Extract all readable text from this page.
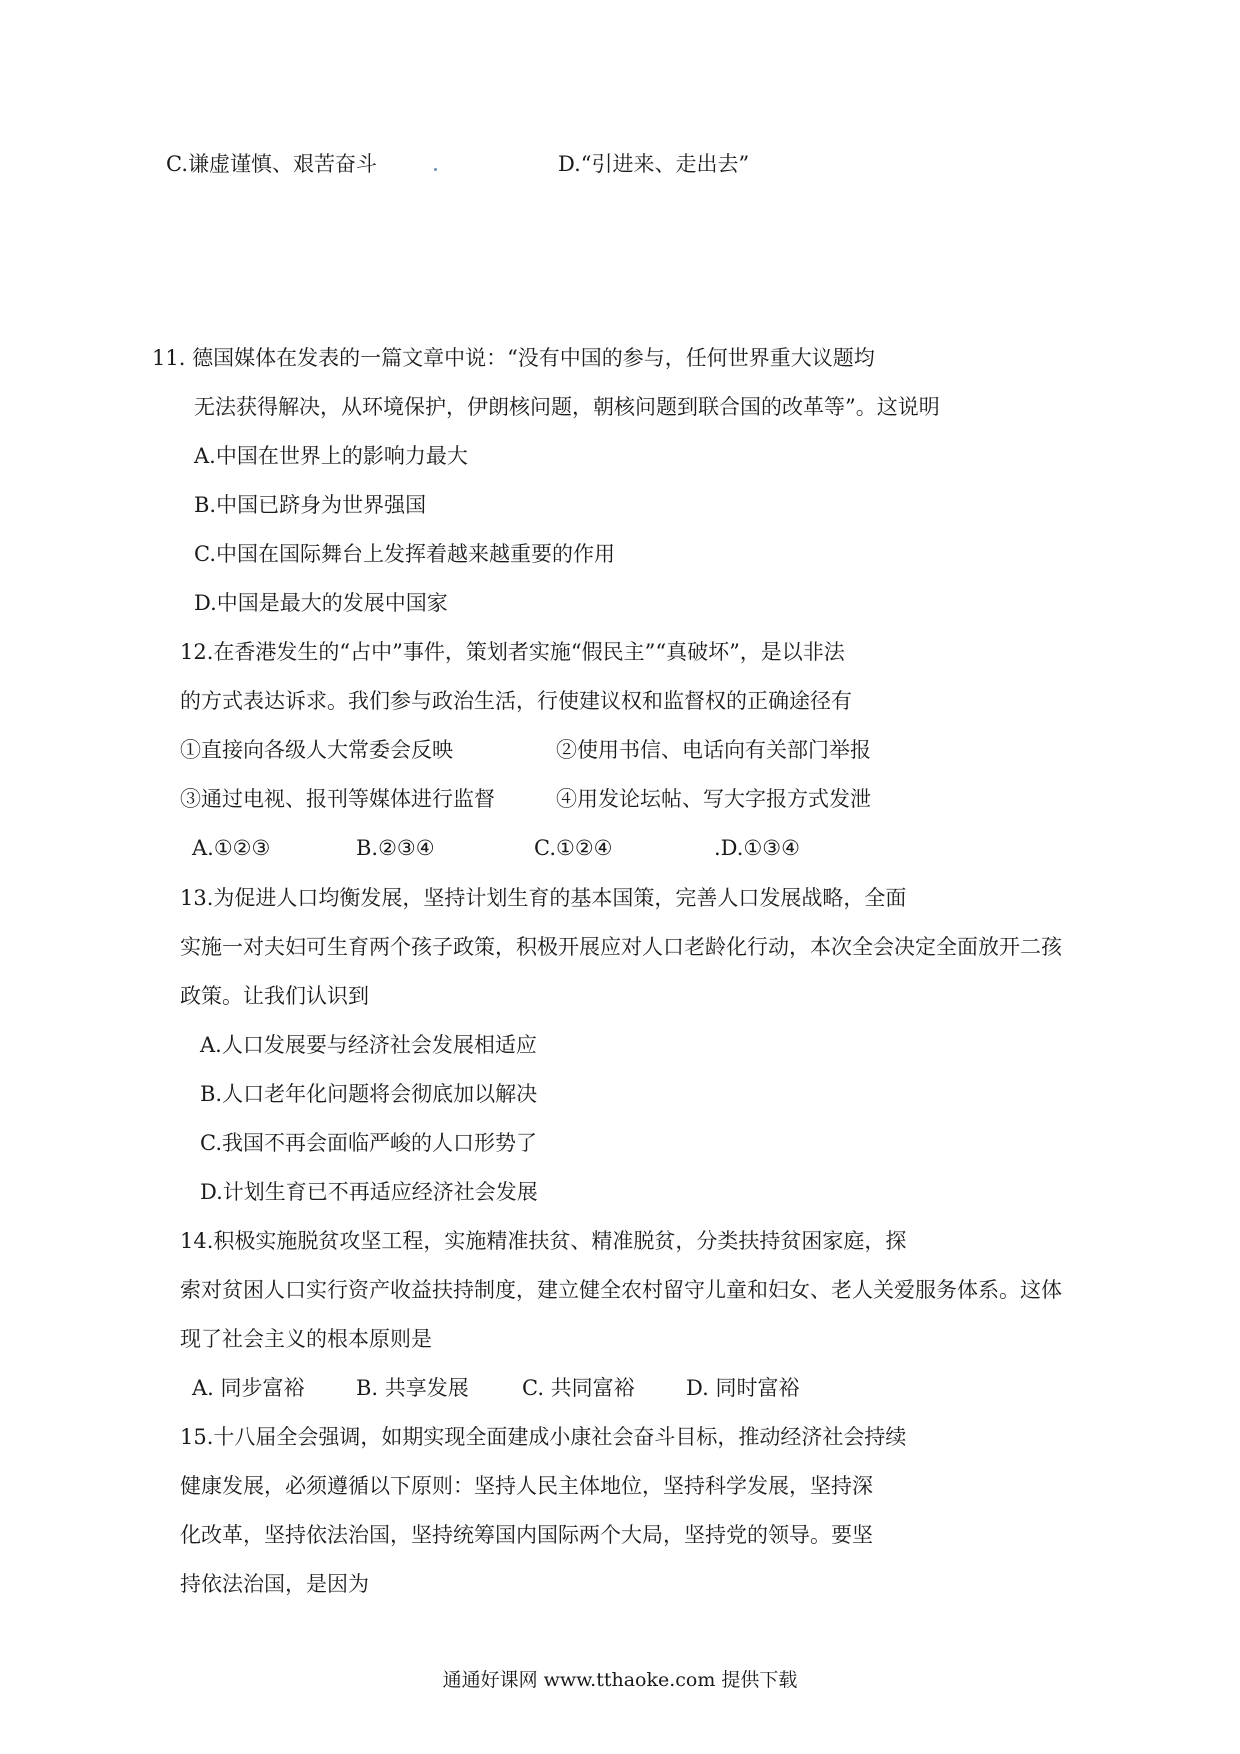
C.谦虚谨慎、艰苦奋斗	D.“引进来、走出去”
11. 德国媒体在发表的一篇文章中说：“没有中国的参与，任何世界重大议题均
无法获得解决，从环境保护，伊朗核问题，朝核问题到联合国的改革等”。这说明
A.中国在世界上的影响力最大
B.中国已跻身为世界强国
C.中国在国际舞台上发挥着越来越重要的作用
D.中国是最大的发展中国家
12.在香港发生的“占中”事件，策划者实施“假民主”“真破坏”，是以非法
的方式表达诉求。我们参与政治生活，行使建议权和监督权的正确途径有
①直接向各级人大常委会反映	②使用书信、电话向有关部门举报
③通过电视、报刊等媒体进行监督	④用发论坛帖、写大字报方式发泄
A.①②③	B.②③④	C.①②④	.D.①③④
13.为促进人口均衡发展，坚持计划生育的基本国策，完善人口发展战略，全面
实施一对夫妇可生育两个孩子政策，积极开展应对人口老龄化行动，本次全会决定全面放开二孩
政策。让我们认识到
A.人口发展要与经济社会发展相适应
B.人口老年化问题将会彻底加以解决
C.我国不再会面临严峻的人口形势了
D.计划生育已不再适应经济社会发展
14.积极实施脱贫攻坚工程，实施精准扶贫、精准脱贫，分类扶持贫困家庭，探
索对贫困人口实行资产收益扶持制度，建立健全农村留守儿童和妇女、老人关爱服务体系。这体
现了社会主义的根本原则是
A. 同步富裕 B. 共享发展	C. 共同富裕 D. 同时富裕
15.十八届全会强调，如期实现全面建成小康社会奋斗目标，推动经济社会持续
健康发展，必须遵循以下原则：坚持人民主体地位，坚持科学发展，坚持深
化改革，坚持依法治国，坚持统筹国内国际两个大局，坚持党的领导。要坚
持依法治国，是因为
通通好课网 www.tthaoke.com 提供下载
